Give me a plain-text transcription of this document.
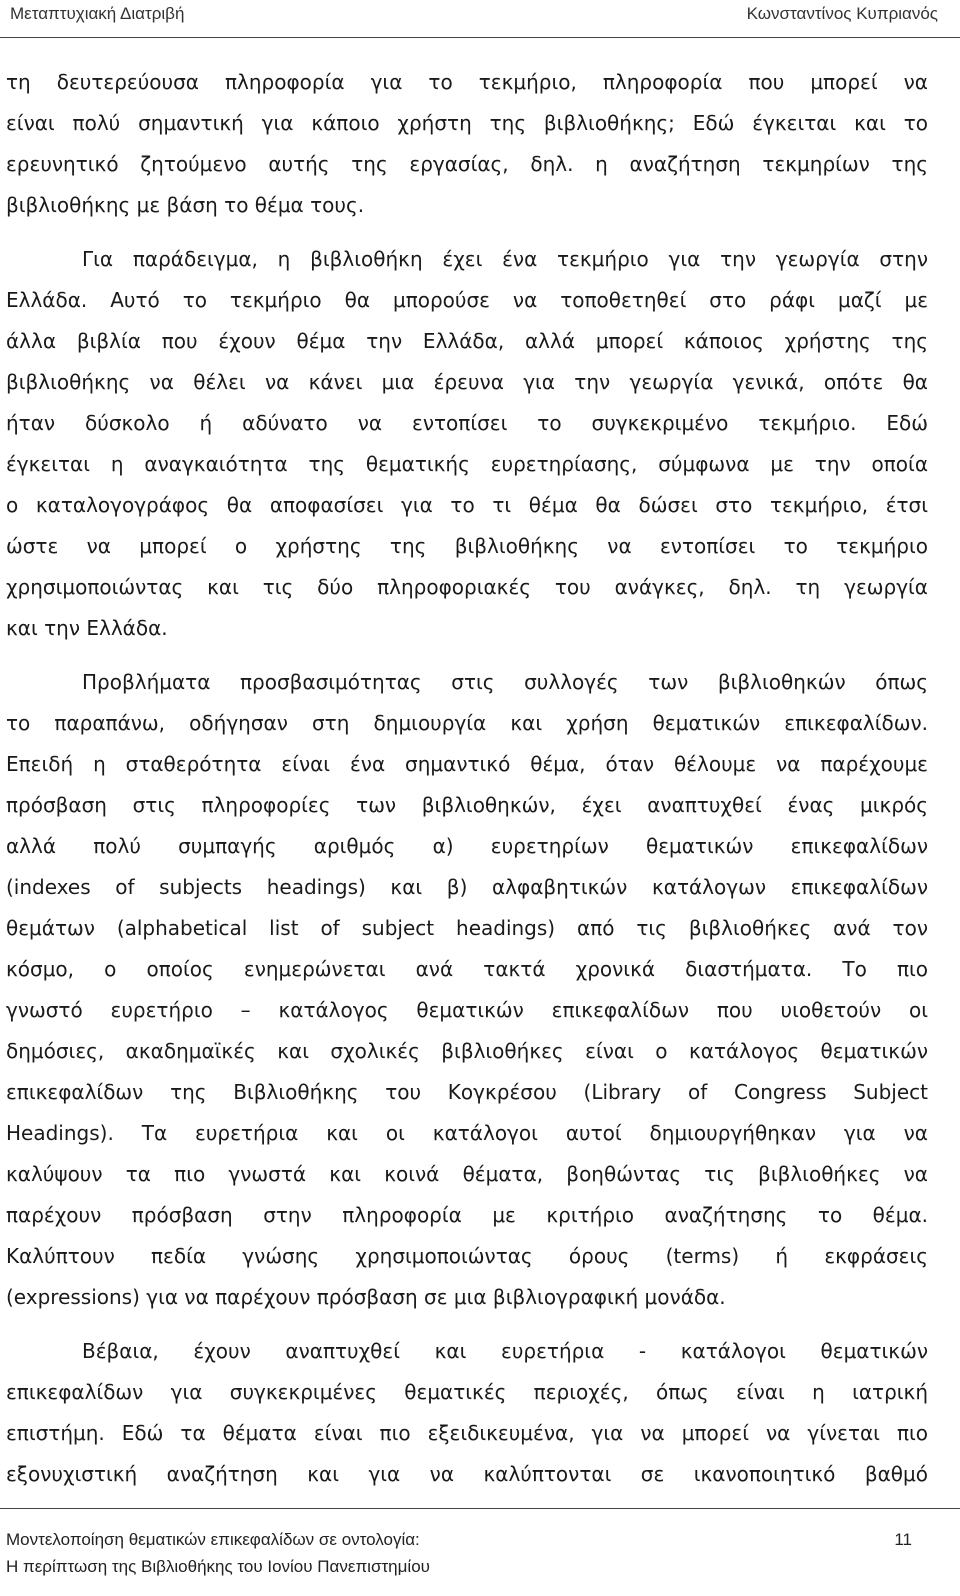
Μεταπτυχιακή Διατριβή	Κωνσταντίνος Κυπριανός
τη δευτερεύουσα πληροφορία για το τεκμήριο, πληροφορία που μπορεί να
είναι πολύ σημαντική για κάποιο χρήστη της βιβλιοθήκης; Εδώ έγκειται και το
ερευνητικό ζητούμενο αυτής της εργασίας, δηλ. η αναζήτηση τεκμηρίων της
βιβλιοθήκης με βάση το θέμα τους.
Για παράδειγμα, η βιβλιοθήκη έχει ένα τεκμήριο για την γεωργία στην
Ελλάδα. Αυτό το τεκμήριο θα μπορούσε να τοποθετηθεί στο ράφι μαζί με
άλλα βιβλία που έχουν θέμα την Ελλάδα, αλλά μπορεί κάποιος χρήστης της
βιβλιοθήκης να θέλει να κάνει μια έρευνα για την γεωργία γενικά, οπότε θα
ήταν δύσκολο ή αδύνατο να εντοπίσει το συγκεκριμένο τεκμήριο. Εδώ
έγκειται η αναγκαιότητα της θεματικής ευρετηρίασης, σύμφωνα με την οποία
ο καταλογογράφος θα αποφασίσει για το τι θέμα θα δώσει στο τεκμήριο, έτσι
ώστε να μπορεί ο χρήστης της βιβλιοθήκης να εντοπίσει το τεκμήριο
χρησιμοποιώντας και τις δύο πληροφοριακές του ανάγκες, δηλ. τη γεωργία
και την Ελλάδα.
Προβλήματα προσβασιμότητας στις συλλογές των βιβλιοθηκών όπως
το παραπάνω, οδήγησαν στη δημιουργία και χρήση θεματικών επικεφαλίδων.
Επειδή η σταθερότητα είναι ένα σημαντικό θέμα, όταν θέλουμε να παρέχουμε
πρόσβαση στις πληροφορίες των βιβλιοθηκών, έχει αναπτυχθεί ένας μικρός
αλλά πολύ συμπαγής αριθμός α) ευρετηρίων θεματικών επικεφαλίδων
(indexes of subjects headings) και β) αλφαβητικών κατάλογων επικεφαλίδων
θεμάτων (alphabetical list of subject headings) από τις βιβλιοθήκες ανά τον
κόσμο, ο οποίος ενημερώνεται ανά τακτά χρονικά διαστήματα. Το πιο
γνωστό ευρετήριο – κατάλογος θεματικών επικεφαλίδων που υιοθετούν οι
δημόσιες, ακαδημαϊκές και σχολικές βιβλιοθήκες είναι ο κατάλογος θεματικών
επικεφαλίδων της Βιβλιοθήκης του Κογκρέσου (Library of Congress Subject
Headings). Τα ευρετήρια και οι κατάλογοι αυτοί δημιουργήθηκαν για να
καλύψουν τα πιο γνωστά και κοινά θέματα, βοηθώντας τις βιβλιοθήκες να
παρέχουν πρόσβαση στην πληροφορία με κριτήριο αναζήτησης το θέμα.
Καλύπτουν πεδία γνώσης χρησιμοποιώντας όρους (terms) ή εκφράσεις
(expressions) για να παρέχουν πρόσβαση σε μια βιβλιογραφική μονάδα.
Βέβαια, έχουν αναπτυχθεί και ευρετήρια - κατάλογοι θεματικών
επικεφαλίδων για συγκεκριμένες θεματικές περιοχές, όπως είναι η ιατρική
επιστήμη. Εδώ τα θέματα είναι πιο εξειδικευμένα, για να μπορεί να γίνεται πιο
εξονυχιστική αναζήτηση και για να καλύπτονται σε ικανοποιητικό βαθμό
Μοντελοποίηση θεματικών επικεφαλίδων σε οντολογία:
Η περίπτωση της Βιβλιοθήκης του Ιονίου Πανεπιστημίου
11
